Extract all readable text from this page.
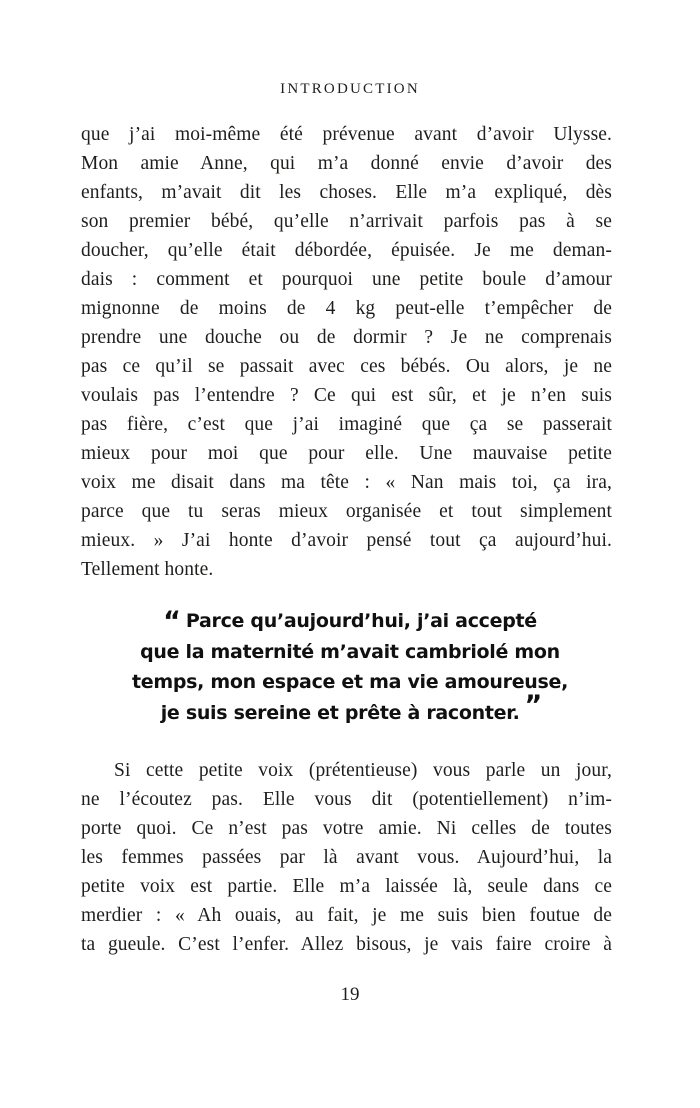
INTRODUCTION
que j’ai moi-même été prévenue avant d’avoir Ulysse.
Mon amie Anne, qui m’a donné envie d’avoir des
enfants, m’avait dit les choses. Elle m’a expliqué, dès
son premier bébé, qu’elle n’arrivait parfois pas à se
doucher, qu’elle était débordée, épuisée. Je me deman-
dais : comment et pourquoi une petite boule d’amour
mignonne de moins de 4 kg peut-elle t’empêcher de
prendre une douche ou de dormir ? Je ne comprenais
pas ce qu’il se passait avec ces bébés. Ou alors, je ne
voulais pas l’entendre ? Ce qui est sûr, et je n’en suis
pas fière, c’est que j’ai imaginé que ça se passerait
mieux pour moi que pour elle. Une mauvaise petite
voix me disait dans ma tête : « Nan mais toi, ça ira,
parce que tu seras mieux organisée et tout simplement
mieux. » J’ai honte d’avoir pensé tout ça aujourd’hui.
Tellement honte.
“ Parce qu’aujourd’hui, j’ai accepté
que la maternité m’avait cambriolé mon
temps, mon espace et ma vie amoureuse,
je suis sereine et prête à raconter. ”
Si cette petite voix (prétentieuse) vous parle un jour,
ne l’écoutez pas. Elle vous dit (potentiellement) n’im-
porte quoi. Ce n’est pas votre amie. Ni celles de toutes
les femmes passées par là avant vous. Aujourd’hui, la
petite voix est partie. Elle m’a laissée là, seule dans ce
merdier : « Ah ouais, au fait, je me suis bien foutue de
ta gueule. C’est l’enfer. Allez bisous, je vais faire croire à
19
